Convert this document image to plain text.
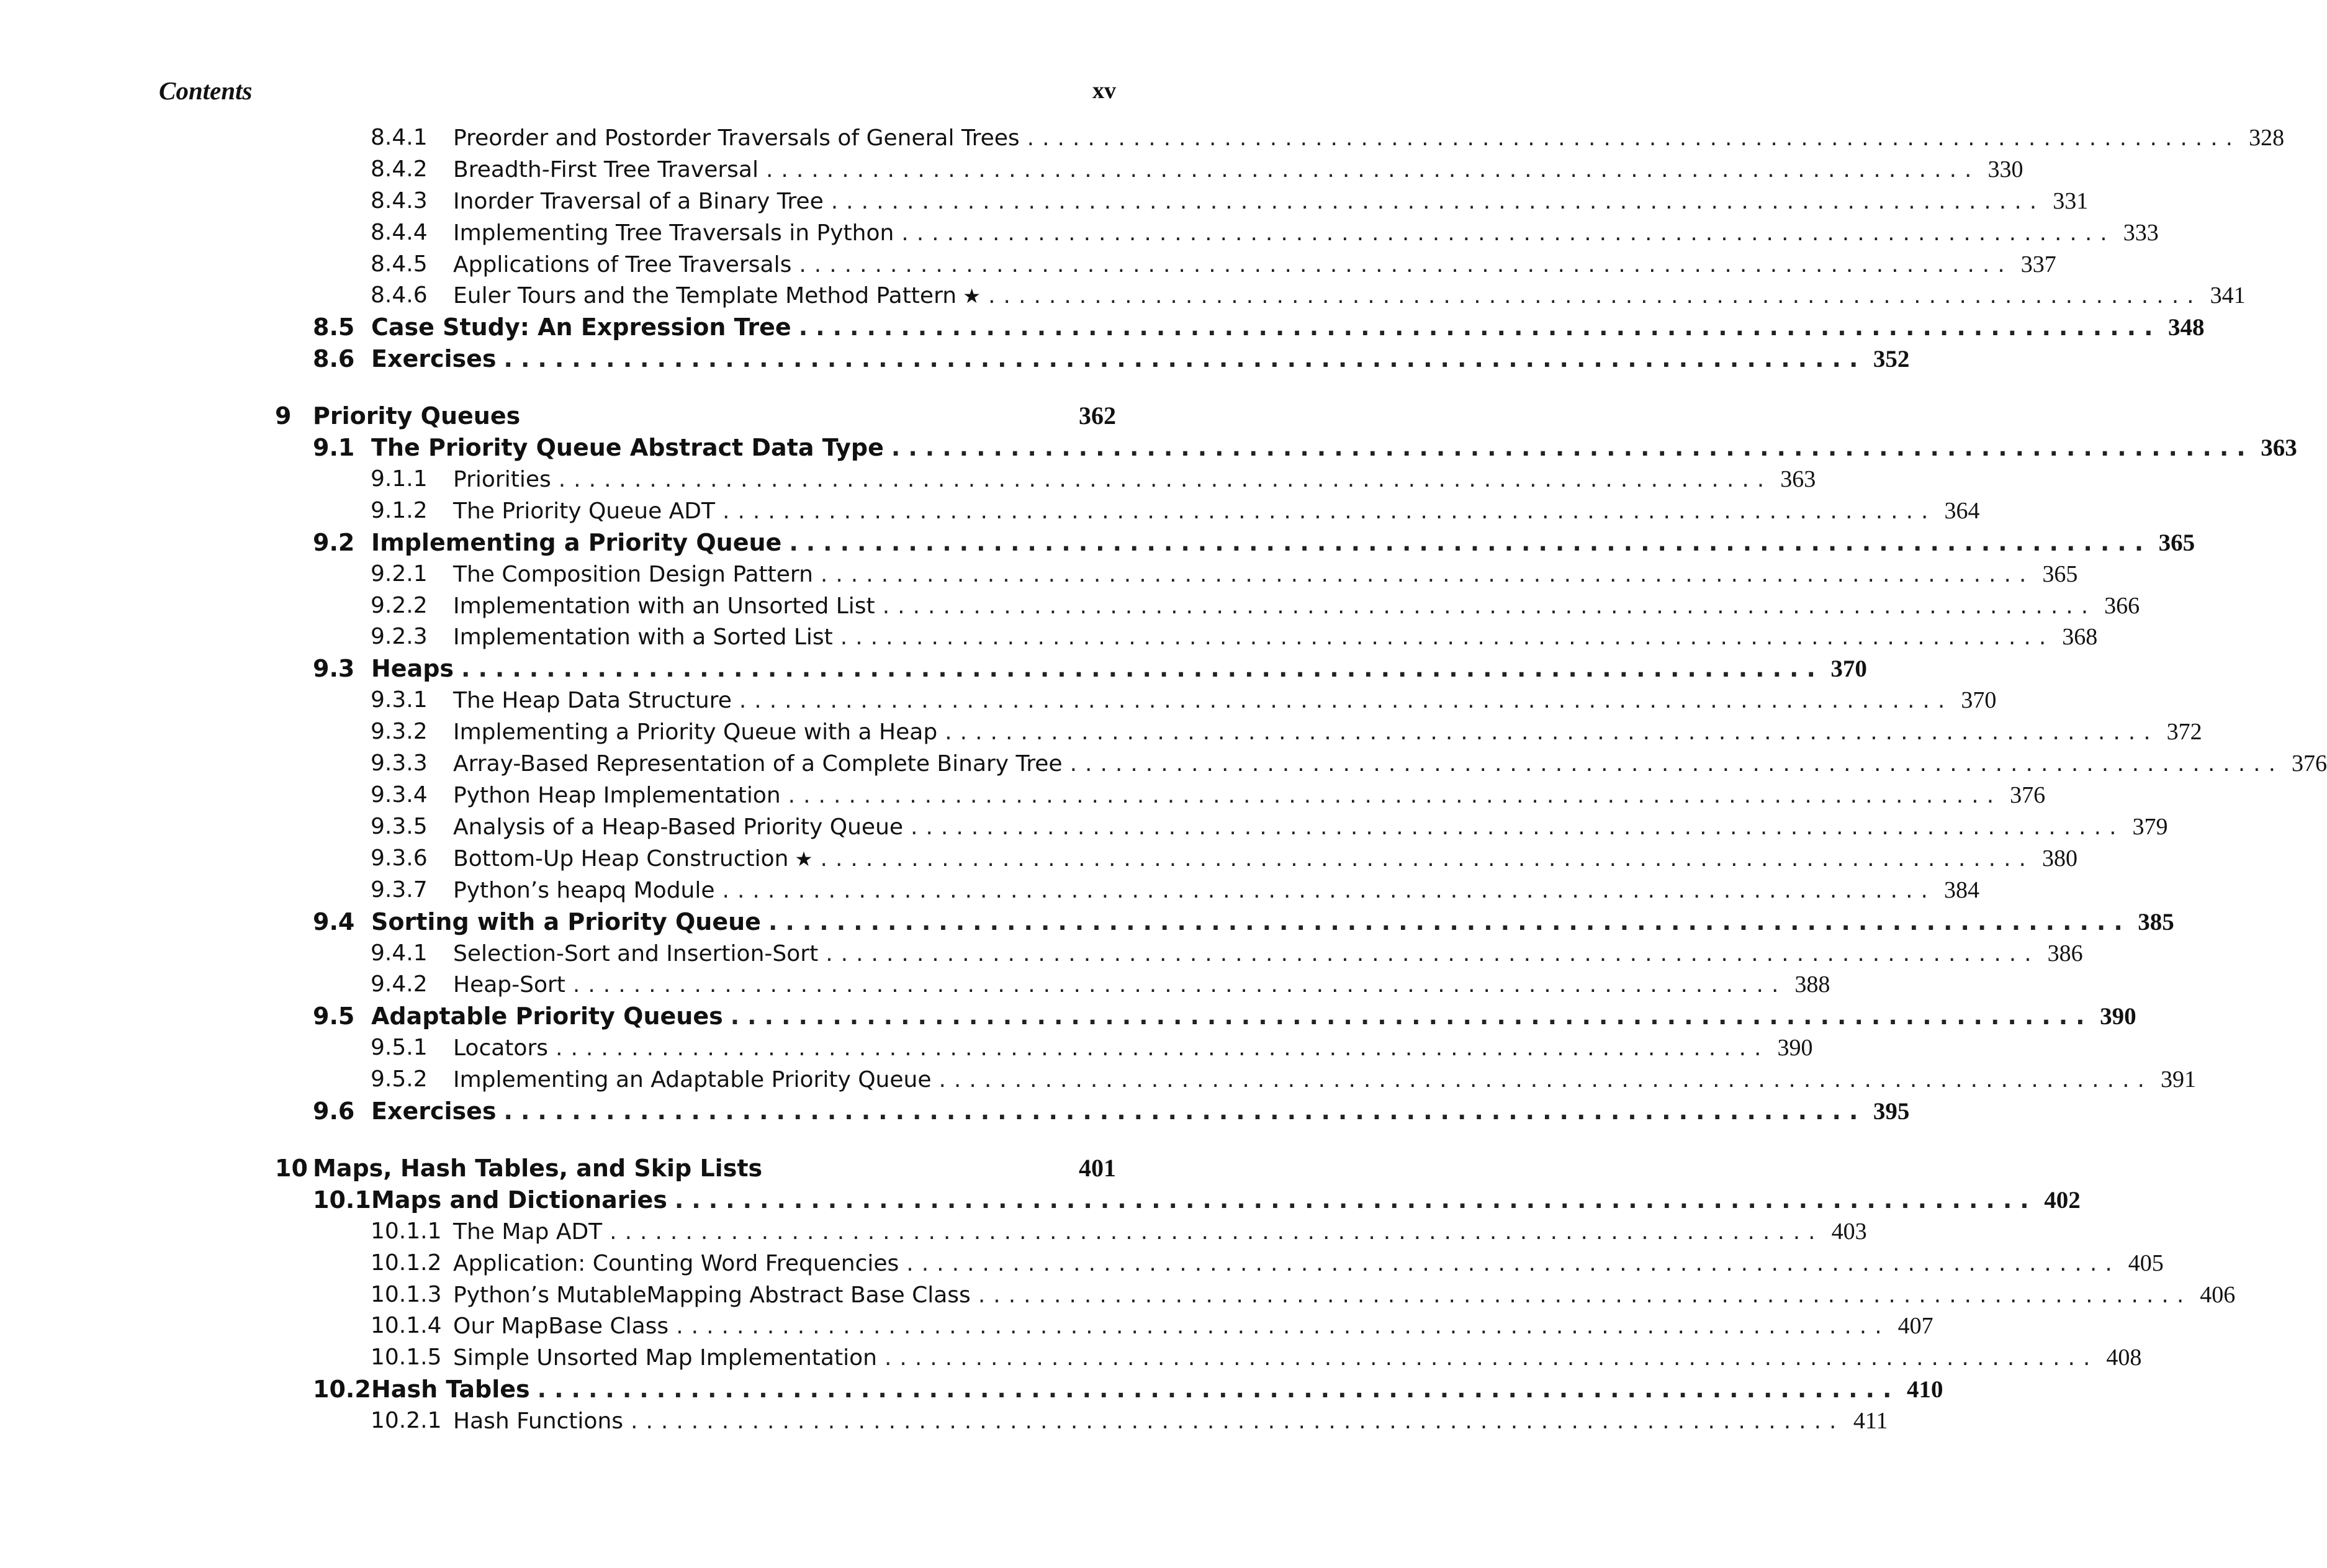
Contents	xv
8.4.1 Preorder and Postorder Traversals of General Trees ................................................................................ 328
8.4.2 Breadth-First Tree Traversal ................................................................................ 330
8.4.3 Inorder Traversal of a Binary Tree ................................................................................ 331
8.4.4 Implementing Tree Traversals in Python ................................................................................ 333
8.4.5 Applications of Tree Traversals ................................................................................ 337
8.4.6 Euler Tours and the Template Method Pattern ★ ................................................................................ 341
8.5 Case Study: An Expression Tree ................................................................................ 348
8.6 Exercises ................................................................................ 352
9 Priority Queues	362
9.1 The Priority Queue Abstract Data Type ................................................................................ 363
9.1.1 Priorities ................................................................................ 363
9.1.2 The Priority Queue ADT ................................................................................ 364
9.2 Implementing a Priority Queue ................................................................................ 365
9.2.1 The Composition Design Pattern ................................................................................ 365
9.2.2 Implementation with an Unsorted List ................................................................................ 366
9.2.3 Implementation with a Sorted List ................................................................................ 368
9.3 Heaps ................................................................................ 370
9.3.1 The Heap Data Structure ................................................................................ 370
9.3.2 Implementing a Priority Queue with a Heap ................................................................................ 372
9.3.3 Array-Based Representation of a Complete Binary Tree ................................................................................ 376
9.3.4 Python Heap Implementation ................................................................................ 376
9.3.5 Analysis of a Heap-Based Priority Queue ................................................................................ 379
9.3.6 Bottom-Up Heap Construction ★ ................................................................................ 380
9.3.7 Python’s heapq Module ................................................................................ 384
9.4 Sorting with a Priority Queue ................................................................................ 385
9.4.1 Selection-Sort and Insertion-Sort ................................................................................ 386
9.4.2 Heap-Sort ................................................................................ 388
9.5 Adaptable Priority Queues ................................................................................ 390
9.5.1 Locators ................................................................................ 390
9.5.2 Implementing an Adaptable Priority Queue ................................................................................ 391
9.6 Exercises ................................................................................ 395
10 Maps, Hash Tables, and Skip Lists	401
10.1 Maps and Dictionaries ................................................................................ 402
10.1.1 The Map ADT ................................................................................ 403
10.1.2 Application: Counting Word Frequencies ................................................................................ 405
10.1.3 Python’s MutableMapping Abstract Base Class ................................................................................ 406
10.1.4 Our MapBase Class ................................................................................ 407
10.1.5 Simple Unsorted Map Implementation ................................................................................ 408
10.2 Hash Tables ................................................................................ 410
10.2.1 Hash Functions ................................................................................ 411
